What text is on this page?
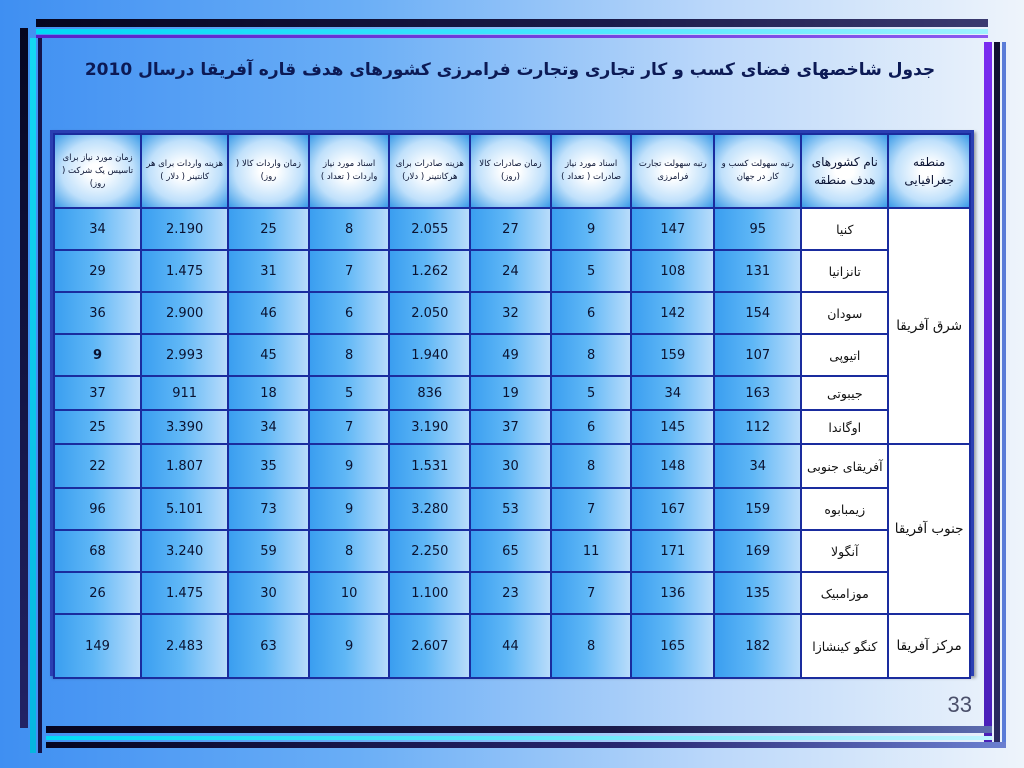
جدول شاخصهای فضای کسب و کار تجاری وتجارت فرامرزی کشورهای هدف قاره آفریقا درسال 2010
منطقه جغرافیایی	نام کشورهای هدف منطقه	رتبه سهولت کسب و کار در جهان	رتبه سهولت تجارت فرامرزی	اسناد مورد نیاز صادرات ( تعداد )	زمان صادرات کالا (روز)	هزینه صادرات برای هرکانتینر ( دلار)	اسناد مورد نیاز واردات ( تعداد )	زمان واردات کالا ( روز)	هزینه واردات برای هر کانتینر ( دلار )	زمان مورد نیاز برای تاسیس یک شرکت ( روز)
شرق آفریقا	کنیا	95	147	9	27	2.055	8	25	2.190	34
	تانزانیا	131	108	5	24	1.262	7	31	1.475	29
	سودان	154	142	6	32	2.050	6	46	2.900	36
	اتیوپی	107	159	8	49	1.940	8	45	2.993	9
	جیبوتی	163	34	5	19	836	5	18	911	37
	اوگاندا	112	145	6	37	3.190	7	34	3.390	25
جنوب آفریقا	آفریقای جنوبی	34	148	8	30	1.531	9	35	1.807	22
	زیمبابوه	159	167	7	53	3.280	9	73	5.101	96
	آنگولا	169	171	11	65	2.250	8	59	3.240	68
	موزامبیک	135	136	7	23	1.100	10	30	1.475	26
مرکز آفریقا	کنگو کینشازا	182	165	8	44	2.607	9	63	2.483	149
33
